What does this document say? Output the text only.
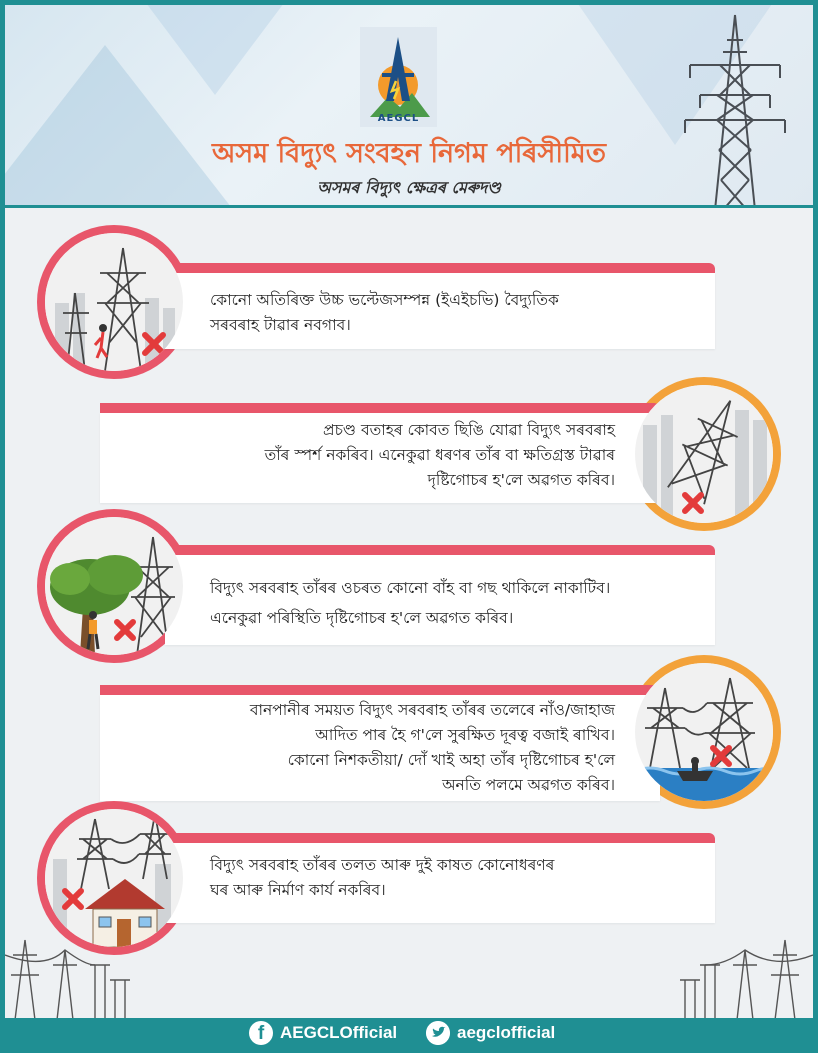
AEGCL
অসম বিদ্যুৎ সংবহন নিগম পৰিসীমিত
অসমৰ বিদ্যুৎ ক্ষেত্ৰৰ মেৰুদণ্ড
কোনো অতিৰিক্ত উচ্চ ভল্টেজসম্পন্ন (ইএইচভি) বৈদ্যুতিক
সৰবৰাহ টাৱাৰ নবগাব।
প্ৰচণ্ড বতাহৰ কোবত ছিঙি যোৱা বিদ্যুৎ সৰবৰাহ
তাঁৰ স্পৰ্শ নকৰিব। এনেকুৱা ধৰণৰ তাঁৰ বা ক্ষতিগ্ৰস্ত টাৱাৰ
দৃষ্টিগোচৰ হ'লে অৱগত কৰিব।
বিদ্যুৎ সৰবৰাহ তাঁৰৰ ওচৰত কোনো বাঁহ বা গছ থাকিলে নাকাটিব।
এনেকুৱা পৰিস্থিতি দৃষ্টিগোচৰ হ'লে অৱগত কৰিব।
বানপানীৰ সময়ত বিদ্যুৎ সৰবৰাহ তাঁৰৰ তলেৰে নাঁও/জাহাজ
আদিত পাৰ হৈ গ'লে সুৰক্ষিত দূৰত্ব বজাই ৰাখিব।
কোনো নিশকতীয়া/ দোঁ খাই অহা তাঁৰ দৃষ্টিগোচৰ হ'লে
অনতি পলমে অৱগত কৰিব।
বিদ্যুৎ সৰবৰাহ তাঁৰৰ তলত আৰু দুই কাষত কোনোধৰণৰ
ঘৰ আৰু নিৰ্মাণ কাৰ্য নকৰিব।
f AEGCLOfficial	aegclofficial
